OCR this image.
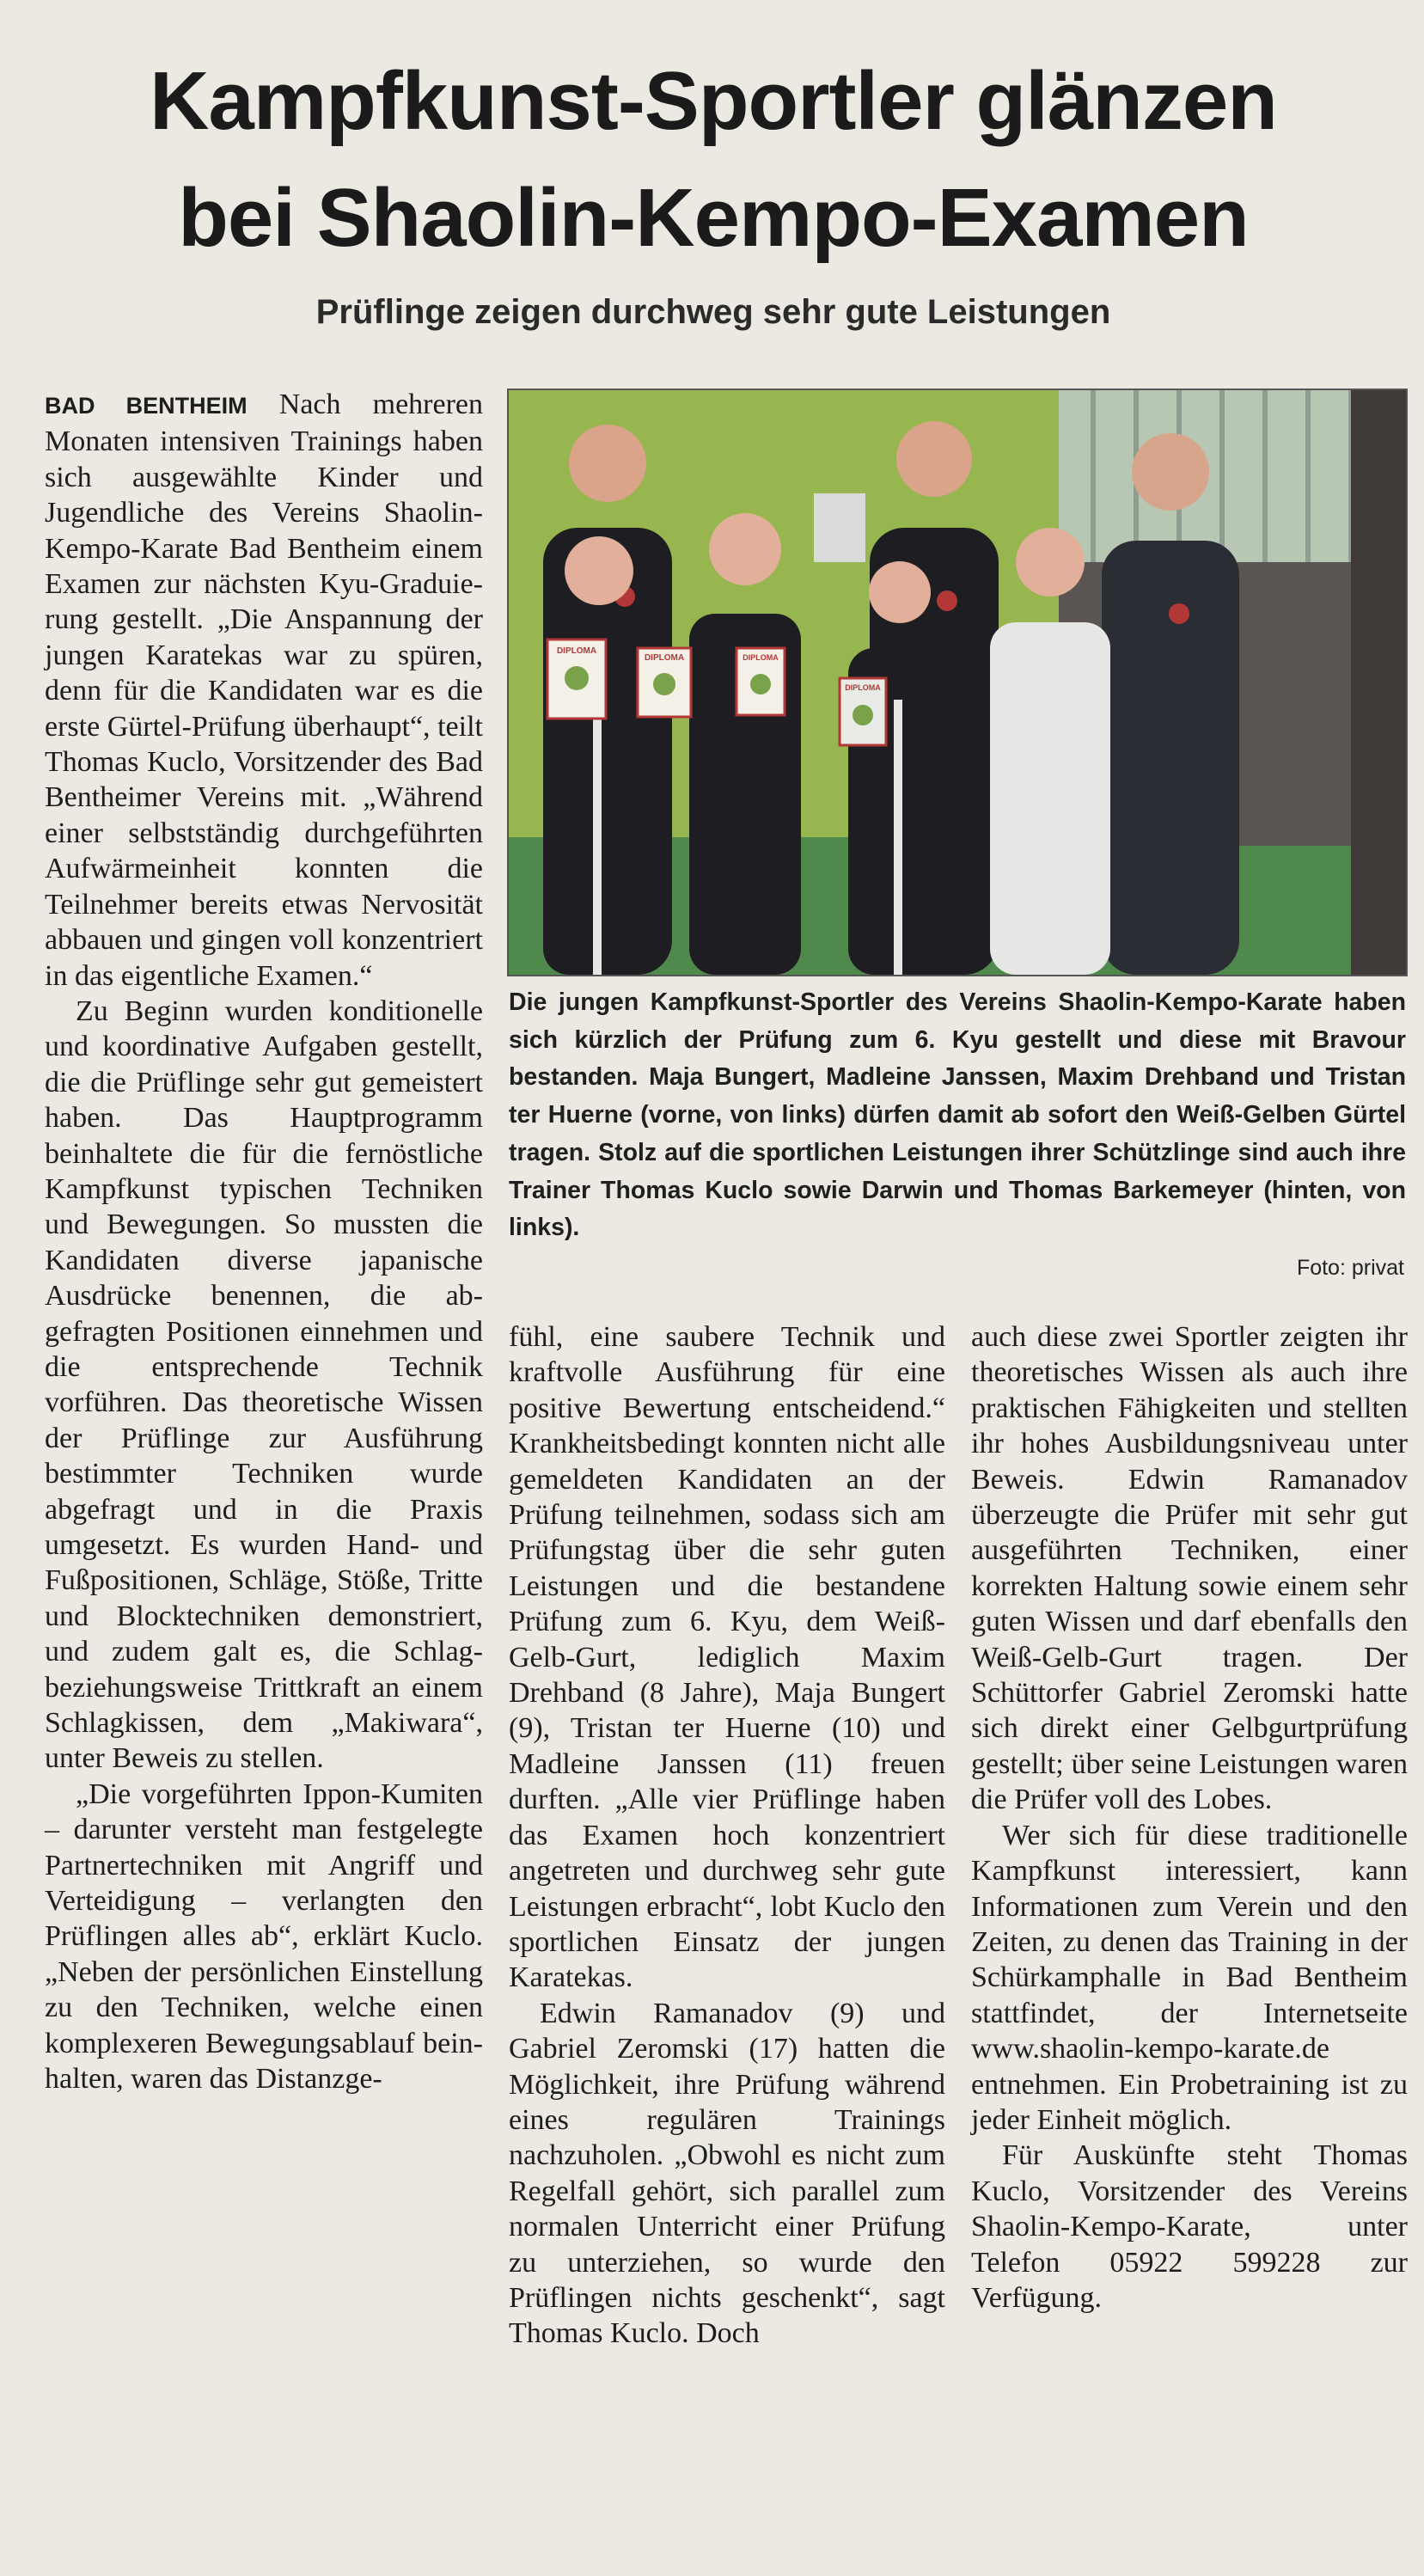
Kampfkunst-Sportler glänzen
bei Shaolin-Kempo-Examen
Prüflinge zeigen durchweg sehr gute Leistungen

BAD BENTHEIM Nach mehreren Monaten intensiven Trainings haben sich ausgewählte Kinder und Jugendliche des Vereins Shaolin-Kempo-Karate Bad Bentheim einem Examen zur nächsten Kyu-Graduierung gestellt. „Die Anspannung der jungen Karatekas war zu spüren, denn für die Kandidaten war es die erste Gürtel-Prüfung überhaupt“, teilt Thomas Kuclo, Vorsitzender des Bad Bentheimer Vereins mit. „Während einer selbstständig durchgeführten Aufwärmeinheit konnten die Teilnehmer bereits etwas Nervosität abbauen und gingen voll konzentriert in das eigentliche Examen.“

Zu Beginn wurden konditionelle und koordinative Aufgaben gestellt, die die Prüflinge sehr gut gemeistert haben. Das Hauptprogramm beinhaltete die für die fernöstliche Kampfkunst typischen Techniken und Bewegungen. So mussten die Kandidaten diverse japanische Ausdrücke benennen, die abgefragten Positionen einnehmen und die entsprechende Technik vorführen. Das theoretische Wissen der Prüflinge zur Ausführung bestimmter Techniken wurde abgefragt und in die Praxis umgesetzt. Es wurden Hand- und Fußpositionen, Schläge, Stöße, Tritte und Blocktechniken demonstriert, und zudem galt es, die Schlag- beziehungsweise Trittkraft an einem Schlagkissen, dem „Makiwara“, unter Beweis zu stellen.

„Die vorgeführten Ippon-Kumiten – darunter versteht man festgelegte Partnertechniken mit Angriff und Verteidigung – verlangten den Prüflingen alles ab“, erklärt Kuclo. „Neben der persönlichen Einstellung zu den Techniken, welche einen komplexeren Bewegungsablauf beinhalten, waren das Distanzge-

DIPLOMA
DIPLOMA	DIPLOMA
DIPLOMA

Die jungen Kampfkunst-Sportler des Vereins Shaolin-Kempo-Karate haben sich kürzlich der Prüfung zum 6. Kyu gestellt und diese mit Bravour bestanden. Maja Bungert, Madleine Janssen, Maxim Drehband und Tristan ter Huerne (vorne, von links) dürfen damit ab sofort den Weiß-Gelben Gürtel tragen. Stolz auf die sportlichen Leistungen ihrer Schützlinge sind auch ihre Trainer Thomas Kuclo sowie Darwin und Thomas Barkemeyer (hinten, von links).

Foto: privat

fühl, eine saubere Technik und kraftvolle Ausführung für eine positive Bewertung entscheidend.“ Krankheitsbedingt konnten nicht alle gemeldeten Kandidaten an der Prüfung teilnehmen, sodass sich am Prüfungstag über die sehr guten Leistungen und die bestandene Prüfung zum 6. Kyu, dem Weiß-Gelb-Gurt, lediglich Maxim Drehband (8 Jahre), Maja Bungert (9), Tristan ter Huerne (10) und Madleine Janssen (11) freuen durften. „Alle vier Prüflinge haben das Examen hoch konzentriert angetreten und durchweg sehr gute Leistungen erbracht“, lobt Kuclo den sportlichen Einsatz der jungen Karatekas.

Edwin Ramanadov (9) und Gabriel Zeromski (17) hatten die Möglichkeit, ihre Prüfung während eines regulären Trainings nachzuholen. „Obwohl es nicht zum Regelfall gehört, sich parallel zum normalen Unterricht einer Prüfung zu unterziehen, so wurde den Prüflingen nichts geschenkt“, sagt Thomas Kuclo. Doch

auch diese zwei Sportler zeigten ihr theoretisches Wissen als auch ihre praktischen Fähigkeiten und stellten ihr hohes Ausbildungsniveau unter Beweis. Edwin Ramanadov überzeugte die Prüfer mit sehr gut ausgeführten Techniken, einer korrekten Haltung sowie einem sehr guten Wissen und darf ebenfalls den Weiß-Gelb-Gurt tragen. Der Schüttorfer Gabriel Zeromski hatte sich direkt einer Gelbgurtprüfung gestellt; über seine Leistungen waren die Prüfer voll des Lobes.

Wer sich für diese traditionelle Kampfkunst interessiert, kann Informationen zum Verein und den Zeiten, zu denen das Training in der Schürkamphalle in Bad Bentheim stattfindet, der Internetseite www.shaolin-kempo-karate.de entnehmen. Ein Probetraining ist zu jeder Einheit möglich.

Für Auskünfte steht Thomas Kuclo, Vorsitzender des Vereins Shaolin-Kempo-Karate, unter Telefon 05922 599228 zur Verfügung.
